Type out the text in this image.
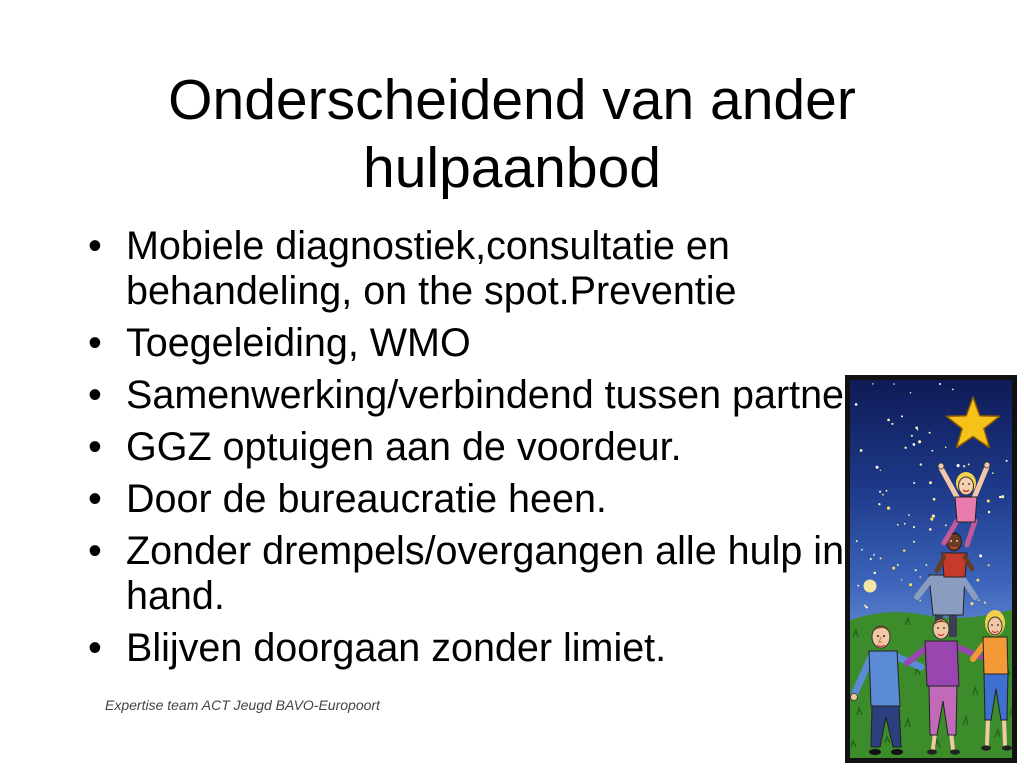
Onderscheidend van ander
hulpaanbod
• Mobiele diagnostiek,consultatie en
behandeling, on the spot.Preventie
• Toegeleiding, WMO
• Samenwerking/verbindend tussen partne
• GGZ optuigen aan de voordeur.
• Door de bureaucratie heen.
• Zonder drempels/overgangen alle hulp in
hand.
• Blijven doorgaan zonder limiet.
Expertise team ACT Jeugd BAVO-Europoort
